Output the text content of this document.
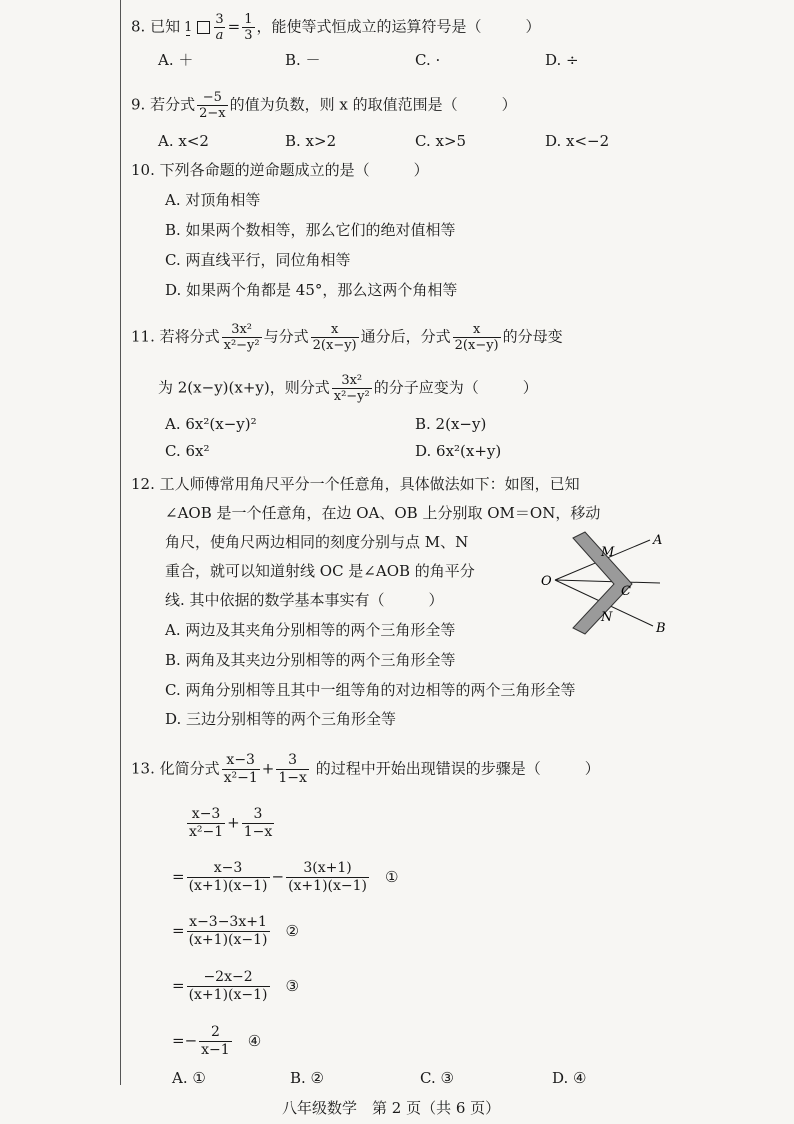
8. 已知 $1 \frac{3}{a} = \frac{1}{3}$ ，能使等式恒成立的运算符号是（	）
A. ＋	B. －	C. ·	D. ÷
9. 若分式 $\frac{-5}{2-x}$ 的值为负数，则 x 的取值范围是（	）
A. x<2	B. x>2	C. x>5	D. x<−2
10. 下列各命题的逆命题成立的是（	）
A. 对顶角相等
B. 如果两个数相等，那么它们的绝对值相等
C. 两直线平行，同位角相等
D. 如果两个角都是 45°，那么这两个角相等
11. 若将分式 $\frac{\text{3x²}}{\text{x²−y²}}$ 与分式 $\frac{x}{2(x-y)}$ 通分后，分式 $\frac{x}{2(x-y)}$ 的分母变
为 2(x−y)(x+y)，则分式 $\frac{\text{3x²}}{\text{x²−y²}}$ 的分子应变为（	）
A. 6x²(x−y)²	B. 2(x−y)
C. 6x²	D. 6x²(x+y)
12. 工人师傅常用角尺平分一个任意角，具体做法如下：如图，已知
∠AOB 是一个任意角，在边 OA、OB 上分别取 OM＝ON，移动
角尺，使角尺两边相同的刻度分别与点 M、N
重合，就可以知道射线 OC 是∠AOB 的角平分
线. 其中依据的数学基本事实有（	）
A. 两边及其夹角分别相等的两个三角形全等
B. 两角及其夹边分别相等的两个三角形全等
C. 两角分别相等且其中一组等角的对边相等的两个三角形全等
D. 三边分别相等的两个三角形全等
O
A
B
M
N
C
13. 化简分式 $\frac{x-3}{\text{x²−1}} + \frac{3}{1-x}$ 的过程中开始出现错误的步骤是（	）
$\frac{x-3}{\text{x²−1}} + \frac{3}{1-x}$
= $\frac{x-3}{(x+1)(x-1)} - \frac{3(x+1)}{(x+1)(x-1)}$ ①
= $\frac{x-3-3x+1}{(x+1)(x-1)}$ ②
= $\frac{-2x-2}{(x+1)(x-1)}$ ③
=− $\frac{2}{x-1}$ ④
A. ①	B. ②	C. ③	D. ④
八年级数学　第 2 页（共 6 页）
